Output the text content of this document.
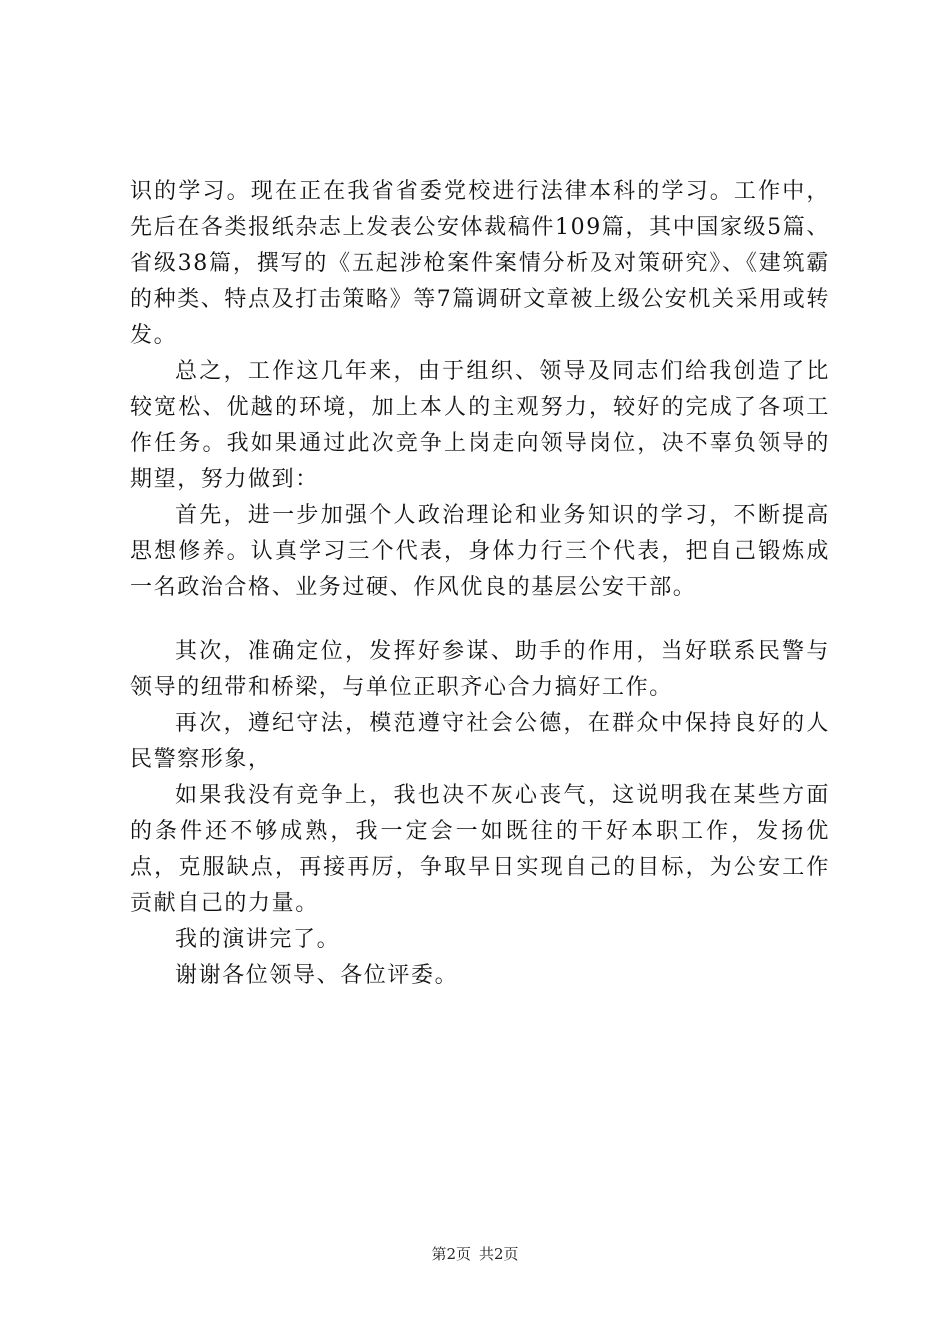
识的学习。现在正在我省省委党校进行法律本科的学习。工作中，先后在各类报纸杂志上发表公安体裁稿件109篇，其中国家级5篇、省级38篇，撰写的《五起涉枪案件案情分析及对策研究》、《建筑霸的种类、特点及打击策略》等7篇调研文章被上级公安机关采用或转发。

总之，工作这几年来，由于组织、领导及同志们给我创造了比较宽松、优越的环境，加上本人的主观努力，较好的完成了各项工作任务。我如果通过此次竞争上岗走向领导岗位，决不辜负领导的期望，努力做到：

首先，进一步加强个人政治理论和业务知识的学习，不断提高思想修养。认真学习三个代表，身体力行三个代表，把自己锻炼成一名政治合格、业务过硬、作风优良的基层公安干部。

其次，准确定位，发挥好参谋、助手的作用，当好联系民警与领导的纽带和桥梁，与单位正职齐心合力搞好工作。

再次，遵纪守法，模范遵守社会公德，在群众中保持良好的人民警察形象，

如果我没有竞争上，我也决不灰心丧气，这说明我在某些方面的条件还不够成熟，我一定会一如既往的干好本职工作，发扬优点，克服缺点，再接再厉，争取早日实现自己的目标，为公安工作贡献自己的力量。

我的演讲完了。

谢谢各位领导、各位评委。

第2页 共2页
